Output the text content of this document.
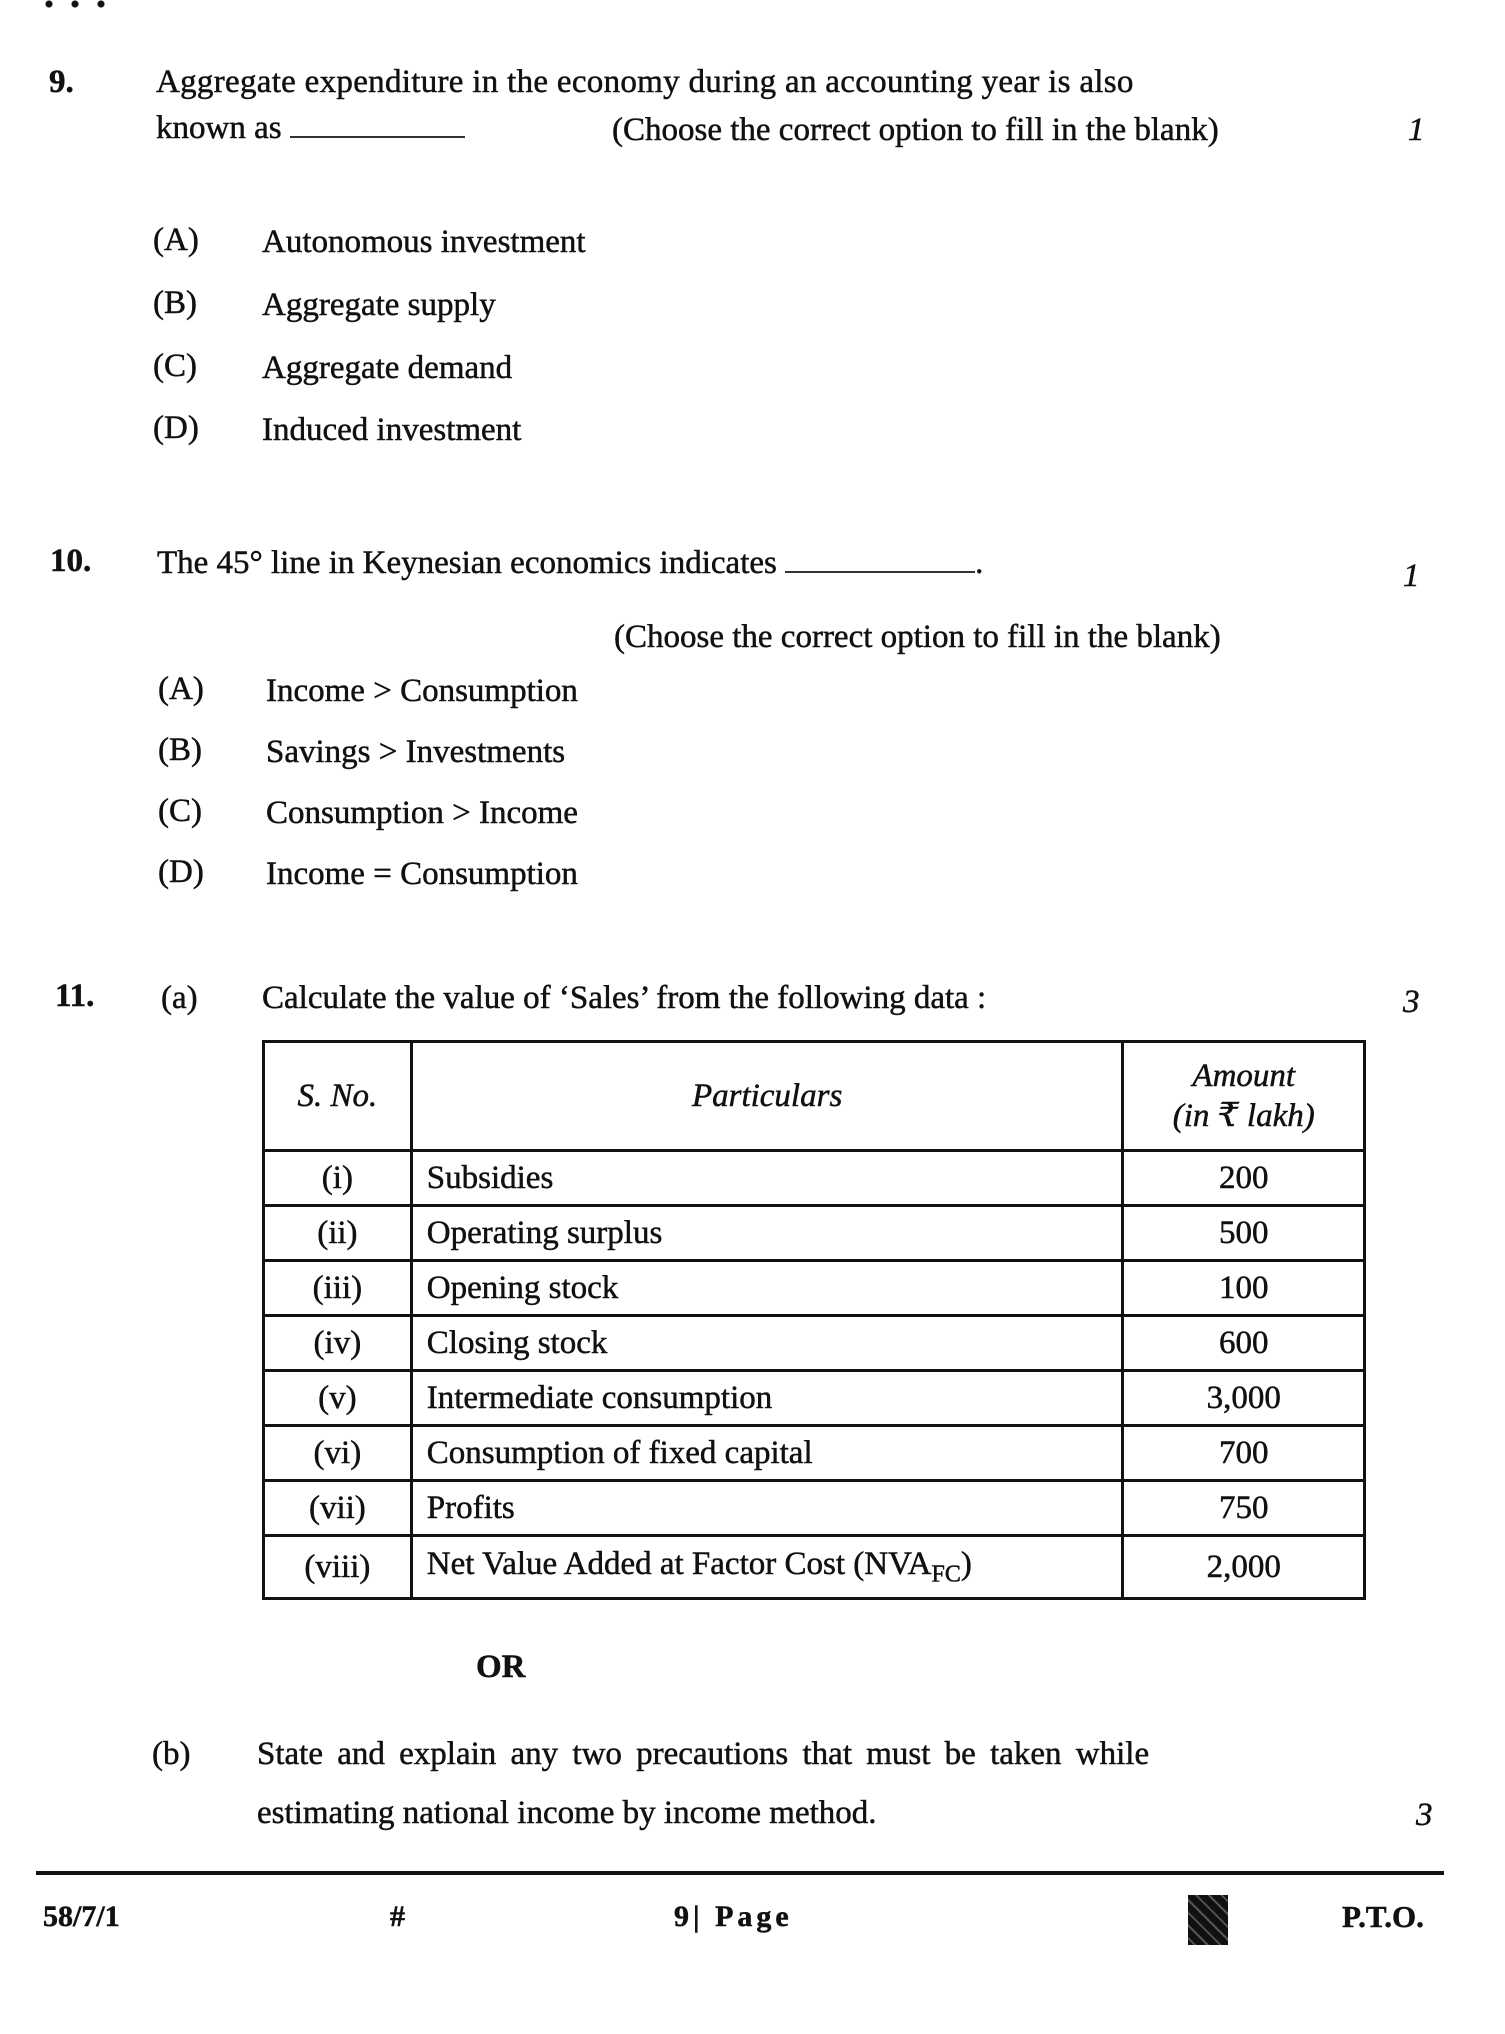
9. Aggregate expenditure in the economy during an accounting year is also
known as	(Choose the correct option to fill in the blank)	1
(A) Autonomous investment
(B) Aggregate supply
(C) Aggregate demand
(D) Induced investment
10. The 45° line in Keynesian economics indicates	.	1
(Choose the correct option to fill in the blank)
(A) Income > Consumption
(B) Savings > Investments
(C) Consumption > Income
(D) Income = Consumption
11. (a) Calculate the value of ‘Sales’ from the following data :	3
S. No.	Particulars	Amount
(in ₹ lakh)
(i)	Subsidies	200
(ii)	Operating surplus	500
(iii)	Opening stock	100
(iv)	Closing stock	600
(v)	Intermediate consumption	3,000
(vi)	Consumption of fixed capital	700
(vii)	Profits	750
(viii)	Net Value Added at Factor Cost $(NVA_{FC})$	2,000
OR
(b) State and explain any two precautions that must be taken while
estimating national income by income method.	3
58/7/1	#	9| Page	P.T.O.
